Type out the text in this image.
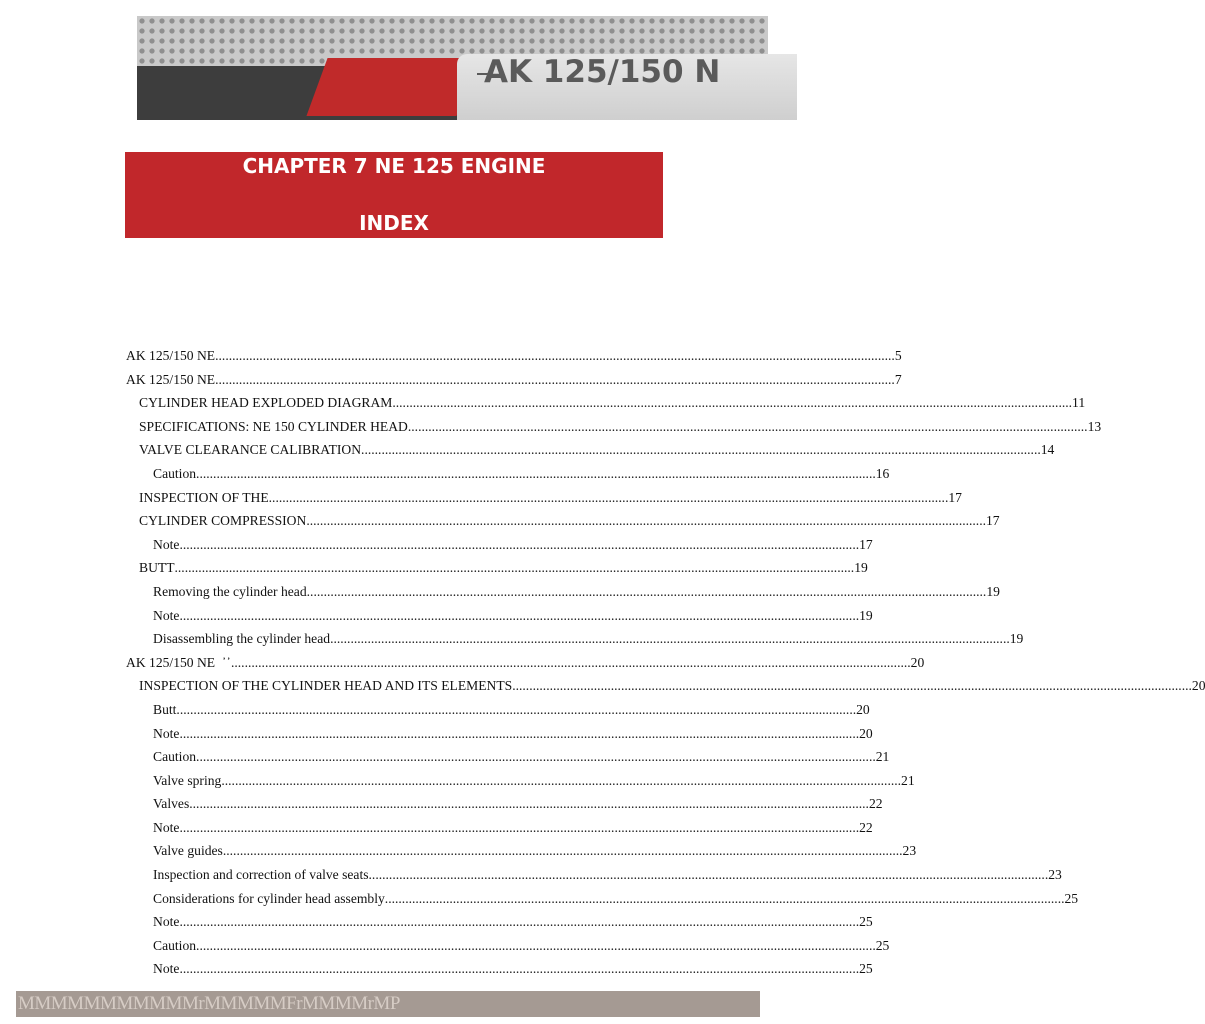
AK 125/150 N
CHAPTER 7 NE 125 ENGINE
INDEX
AK 125/150 NE ........................................................................................................................................................................................................ 5
AK 125/150 NE ........................................................................................................................................................................................................ 7
CYLINDER HEAD EXPLODED DIAGRAM ........................................................................................................................................................................................................ 11
SPECIFICATIONS: NE 150 CYLINDER HEAD ........................................................................................................................................................................................................ 13
VALVE CLEARANCE CALIBRATION ........................................................................................................................................................................................................ 14
Caution ........................................................................................................................................................................................................ 16
INSPECTION OF THE ........................................................................................................................................................................................................ 17
CYLINDER COMPRESSION ........................................................................................................................................................................................................ 17
Note ........................................................................................................................................................................................................ 17
BUTT ........................................................................................................................................................................................................ 19
Removing the cylinder head ........................................................................................................................................................................................................ 19
Note ........................................................................................................................................................................................................ 19
Disassembling the cylinder head ........................................................................................................................................................................................................ 19
AK 125/150 NE  ᾿᾿ ........................................................................................................................................................................................................ 20
INSPECTION OF THE CYLINDER HEAD AND ITS ELEMENTS ........................................................................................................................................................................................................ 20
Butt ........................................................................................................................................................................................................ 20
Note ........................................................................................................................................................................................................ 20
Caution ........................................................................................................................................................................................................ 21
Valve spring ........................................................................................................................................................................................................ 21
Valves ........................................................................................................................................................................................................ 22
Note ........................................................................................................................................................................................................ 22
Valve guides ........................................................................................................................................................................................................ 23
Inspection and correction of valve seats ........................................................................................................................................................................................................ 23
Considerations for cylinder head assembly ........................................................................................................................................................................................................ 25
Note ........................................................................................................................................................................................................ 25
Caution ........................................................................................................................................................................................................ 25
Note ........................................................................................................................................................................................................ 25
MMMMMMMMMMMrMMMMMFrMMMMrMP
